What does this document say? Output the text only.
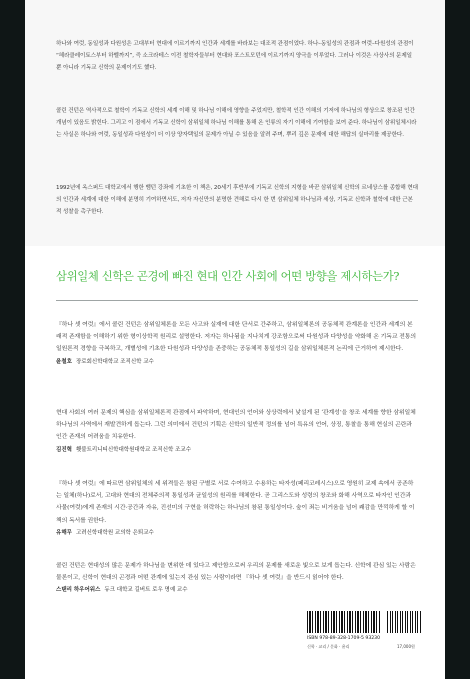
하나와 여럿, 동일성과 다원성은 고대부터 현대에 이르기까지 인간과 세계를 바라보는 대조적 관점이었다. 하나–동일성의 관점과 여럿–다원성의 관점이 “헤라클레이토스부터 하벨까지”, 즉 소크라테스 이전 철학자들부터 현대와 포스트모던에 이르기까지 양극을 이루었다. 그러나 이것은 사상사의 문제일 뿐 아니라 기독교 신학의 문제이기도 했다.

콜린 건턴은 역사적으로 철학이 기독교 신학의 세계 이해 및 하나님 이해에 영향을 주었지만, 철학적 인간 이해의 기저에 하나님의 형상으로 창조된 인간 개념이 있음도 밝힌다. 그리고 이 점에서 기독교 신학이 삼위일체 하나님 이해를 통해 온 인류의 자기 이해에 기여함을 보여 준다. 하나님이 삼위일체시라는 사실은 하나와 여럿, 동일성과 다원성이 더 이상 양자택일의 문제가 아닐 수 있음을 알려 주며, 뿌리 깊은 문제에 대한 해답의 실마리를 제공한다.

1992년에 옥스퍼드 대학교에서 행한 뱀턴 강좌에 기초한 이 책은, 20세기 후반부에 기독교 신학의 지형을 바꾼 삼위일체 신학의 르네상스를 종합해 현대의 인간과 세계에 대한 이해에 분명히 기여하면서도, 저자 자신만의 분명한 견해로 다시 한 번 삼위일체 하나님과 세상, 기독교 신학과 철학에 대한 근본적 성찰을 촉구한다.

삼위일체 신학은 곤경에 빠진 현대 인간 사회에 어떤 방향을 제시하는가?

『하나 셋 여럿』에서 콜린 건턴은 삼위일체론을 모든 사고와 실재에 대한 단서로 간주하고, 삼위일체론의 공동체적 관계론을 인간과 세계의 본래적 존재함을 이해하기 위한 형이상학적 원리로 설명한다. 저자는 하나됨을 지나치게 강조함으로써 다원성과 다양성을 약화해 온 기독교 전통의 일원론적 경향을 극복하고, 개별성에 기초한 다원성과 다양성을 존중하는 공동체적 통일성의 길을 삼위일체론적 논리에 근거하여 제시한다.

윤철호 장로회신학대학교 조직신학 교수

현대 사회의 여러 문제의 핵심을 삼위일체론적 관점에서 파악하며, 현대인의 언어와 상상력에서 낯설게 된 ‘관계성’을 창조 세계를 향한 삼위일체 하나님의 사역에서 재발견하게 돕는다. 그런 의미에서 건턴의 기획은 신학의 일반적 정의를 넘어 특유의 언어, 상징, 통찰을 통해 현실의 곤란과 인간 존재의 어려움을 치유한다.

김진혁 횃불트리니티신학대학원대학교 조직신학 조교수

『하나 셋 여럿』에 따르면 삼위일체의 세 위격들은 참된 구별로 서로 수여하고 수용하는 타자성(페리코레시스)으로 영원히 교제 속에서 공존하는 일체(하나)로서, 고대와 현대의 전체주의적 통일성과 균일성의 원리를 해체한다. 곧 그리스도와 성령의 창조와 화해 사역으로 타자인 인간과 사물(여럿)에게 존재의 시간·공간과 자유, 진선미의 구현을 허락하는 하나님의 참된 통일성이다. 숲이 죄는 비거움을 넘어 쾌감을 만끽하게 할 이 책의 독서를 권한다.

유해무 고려신학대학원 교의학 은퇴교수

콜린 건턴은 현대성의 많은 문제가 하나님을 변위한 데 있다고 제안함으로써 우리의 문제를 새로운 빛으로 보게 돕는다. 신학에 관심 있는 사람은 물론이고, 신학이 현대의 곤경과 어떤 관계에 있는지 관심 있는 사람이라면 『하나 셋 여럿』을 반드시 읽어야 한다.

스탠리 하우어워스 듀크 대학교 길버트 로우 명예 교수

ISBN 978-89-328-1709-5 93230
신학 · 교리 / 문화 · 윤리	17,000원
